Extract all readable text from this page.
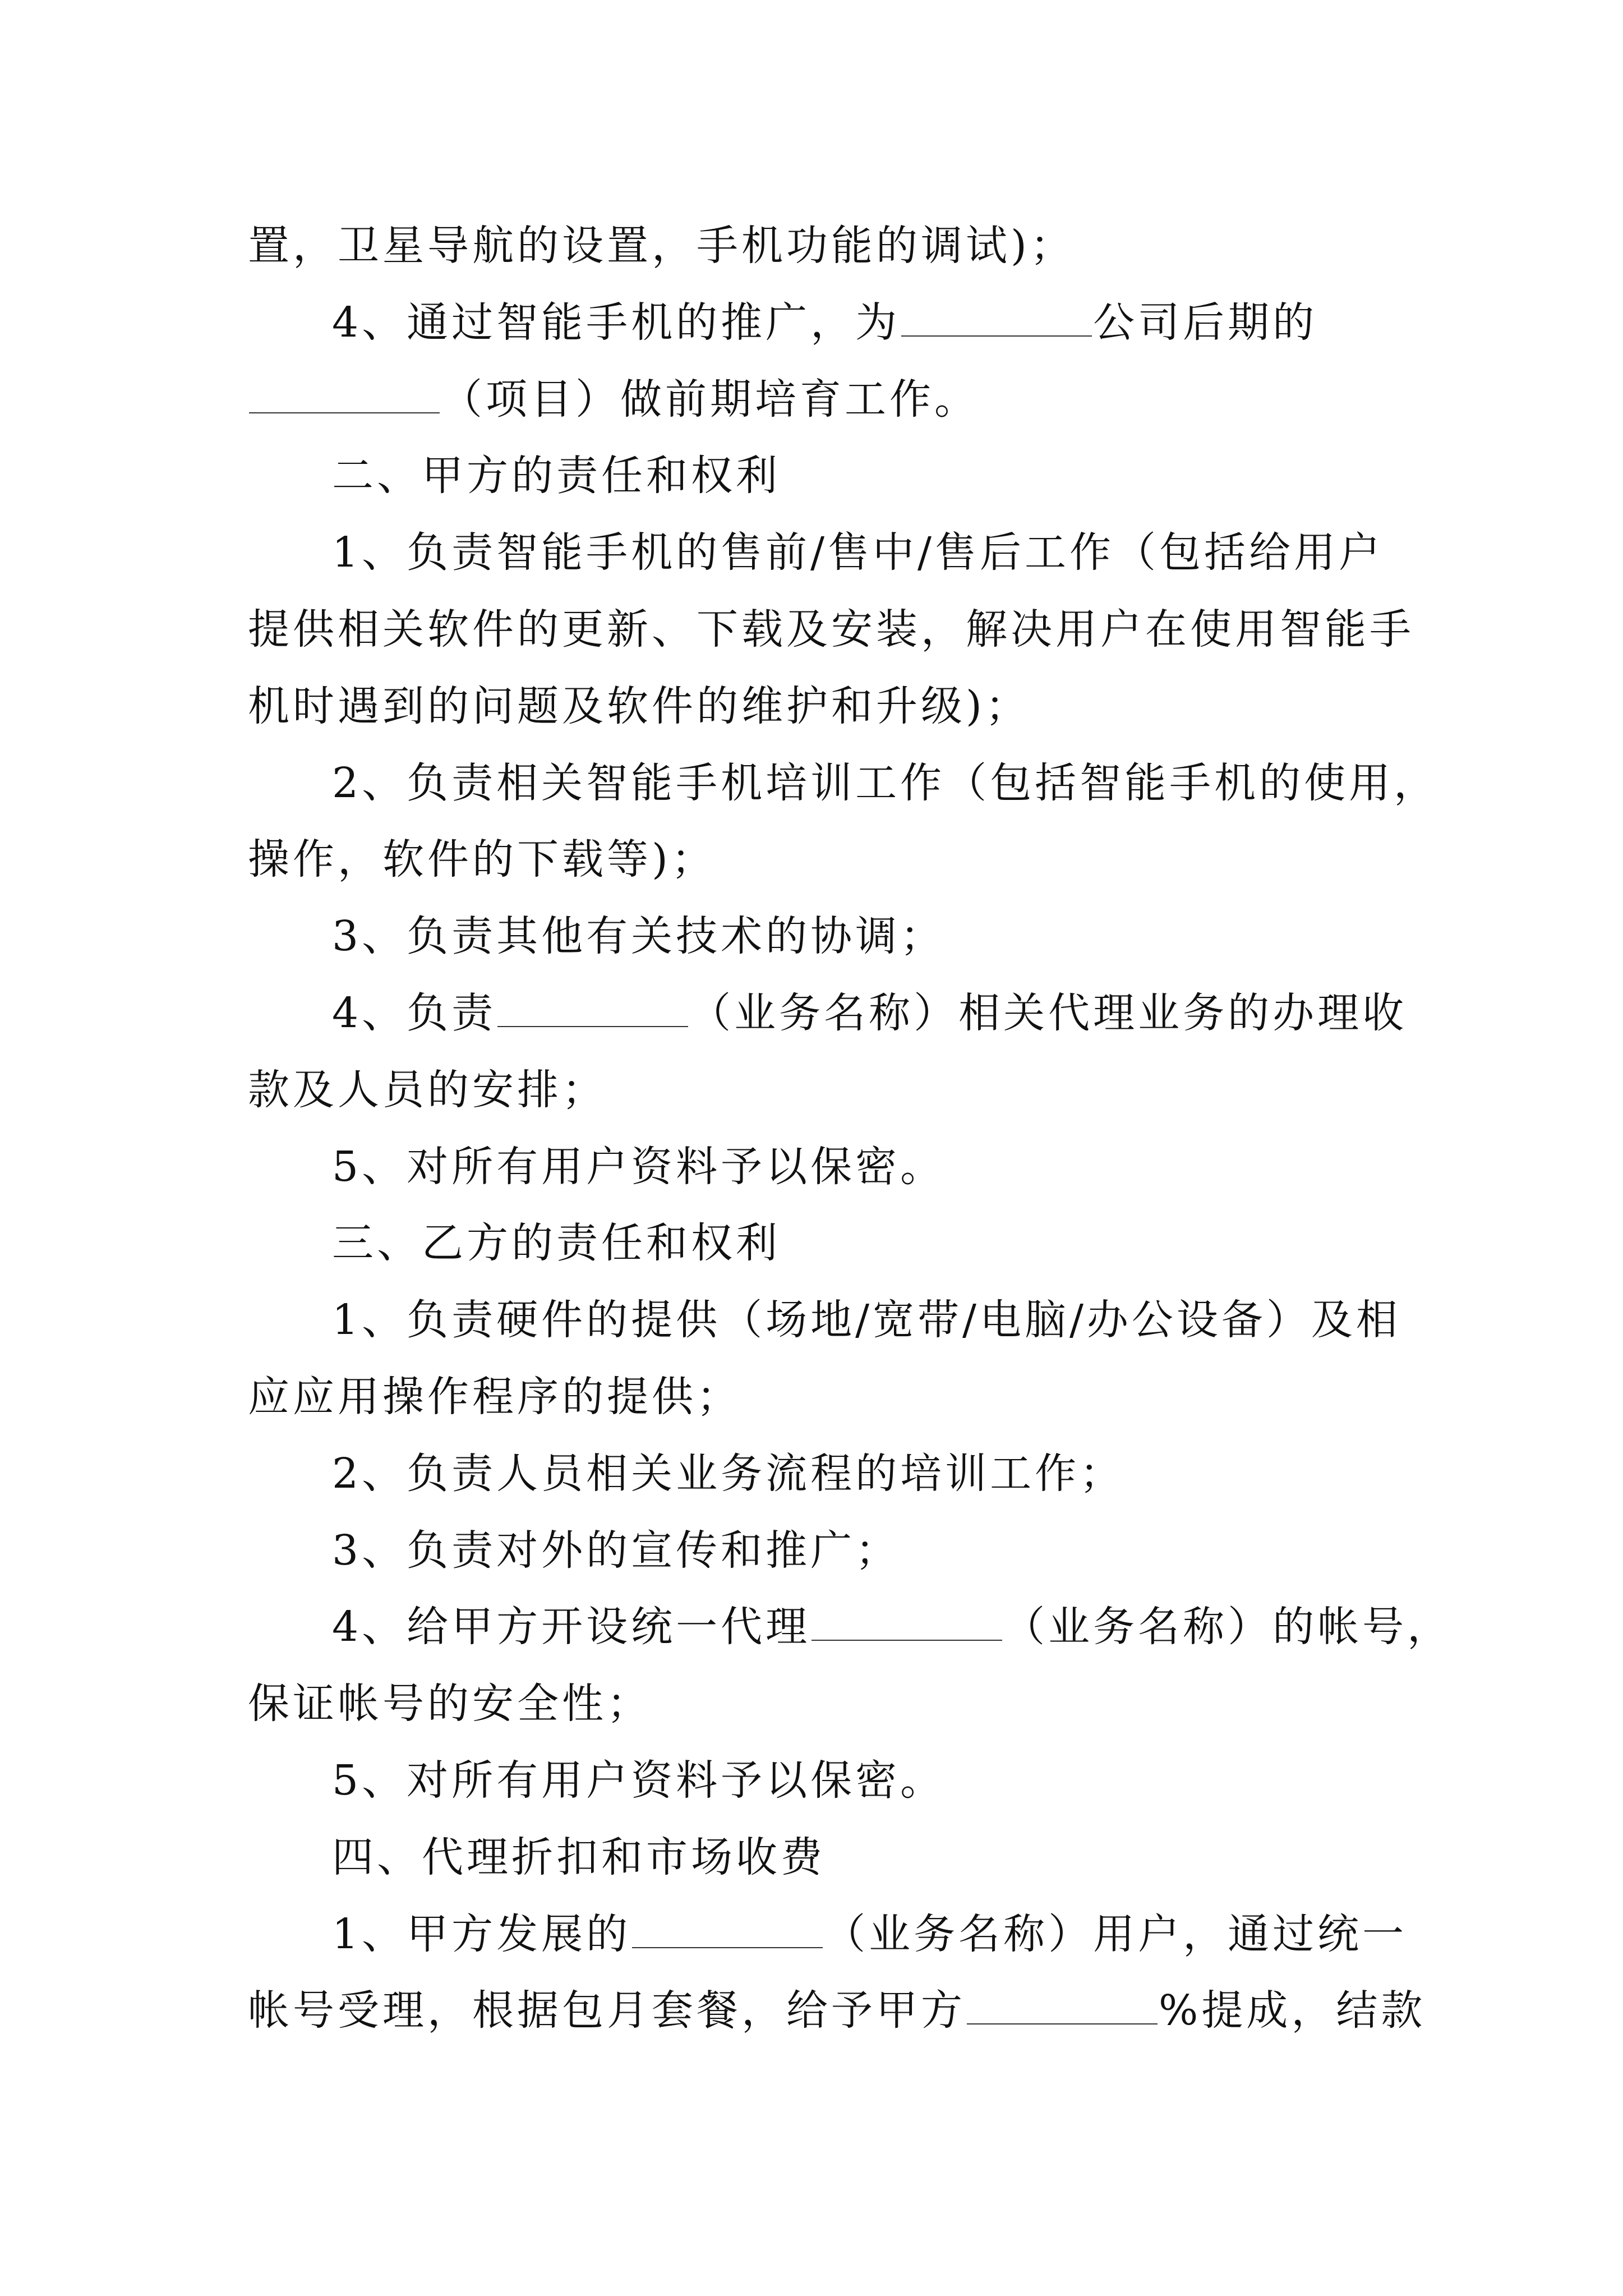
置，卫星导航的设置，手机功能的调试)；
4、通过智能手机的推广，为	公司后期的
（项目）做前期培育工作。
二、甲方的责任和权利
1、负责智能手机的售前/售中/售后工作（包括给用户
提供相关软件的更新、下载及安装，解决用户在使用智能手
机时遇到的问题及软件的维护和升级)；
2、负责相关智能手机培训工作（包括智能手机的使用，
操作，软件的下载等)；
3、负责其他有关技术的协调；
4、负责	（业务名称）相关代理业务的办理收
款及人员的安排；
5、对所有用户资料予以保密。
三、乙方的责任和权利
1、负责硬件的提供（场地/宽带/电脑/办公设备）及相
应应用操作程序的提供；
2、负责人员相关业务流程的培训工作；
3、负责对外的宣传和推广；
4、给甲方开设统一代理	（业务名称）的帐号，
保证帐号的安全性；
5、对所有用户资料予以保密。
四、代理折扣和市场收费
1、甲方发展的	（业务名称）用户，通过统一
帐号受理，根据包月套餐，给予甲方	%提成，结款
